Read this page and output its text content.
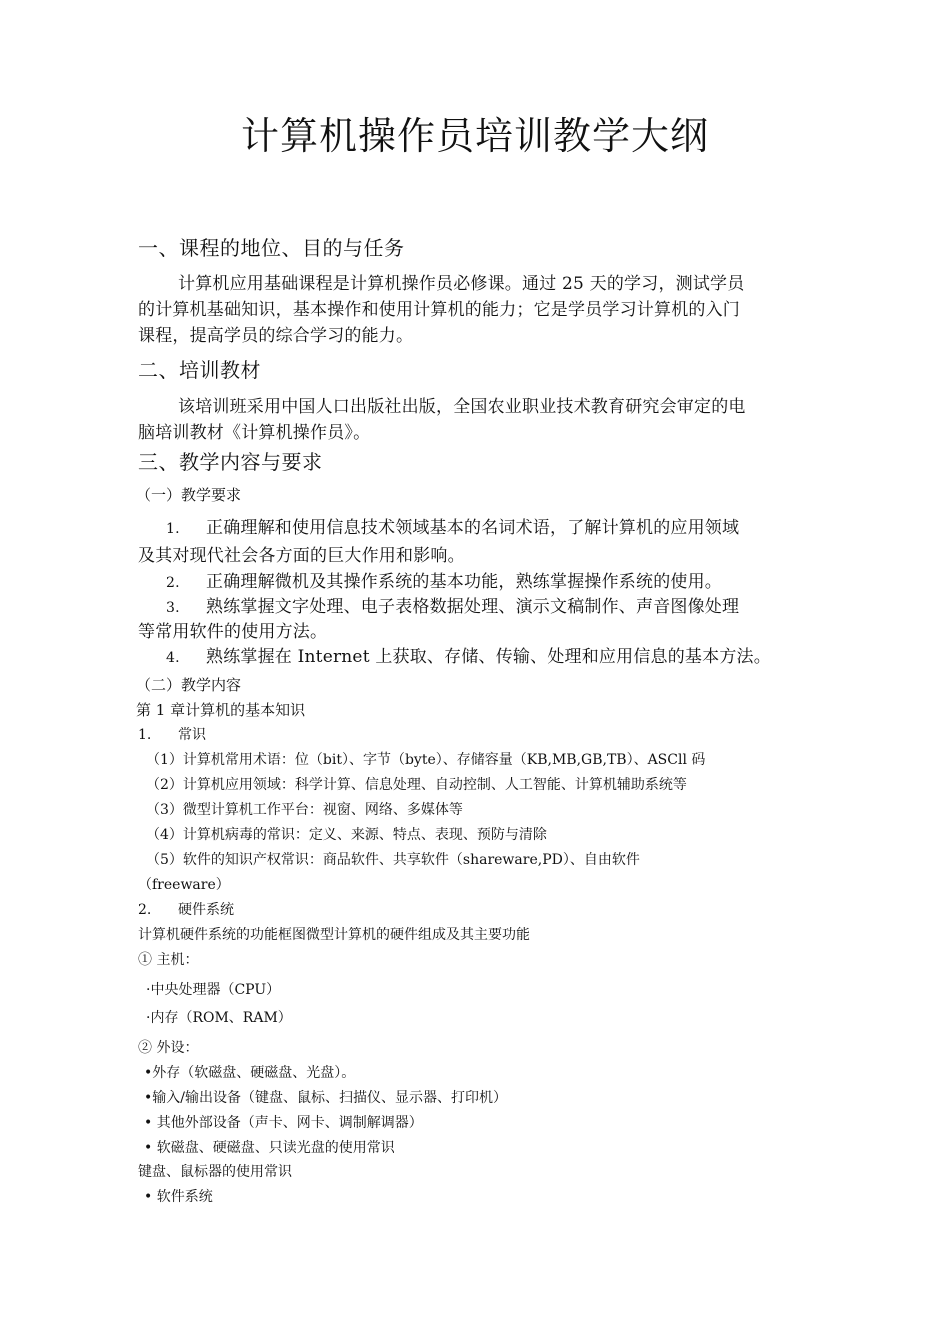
计算机操作员培训教学大纲
一、课程的地位、目的与任务
计算机应用基础课程是计算机操作员必修课。通过 25 天的学习，测试学员
的计算机基础知识，基本操作和使用计算机的能力；它是学员学习计算机的入门
课程，提高学员的综合学习的能力。
二、培训教材
该培训班采用中国人口出版社出版，全国农业职业技术教育研究会审定的电
脑培训教材《计算机操作员》。
三、教学内容与要求
（一）教学要求
1. 正确理解和使用信息技术领域基本的名词术语，了解计算机的应用领域
及其对现代社会各方面的巨大作用和影响。
2. 正确理解微机及其操作系统的基本功能，熟练掌握操作系统的使用。
3. 熟练掌握文字处理、电子表格数据处理、演示文稿制作、声音图像处理
等常用软件的使用方法。
4. 熟练掌握在 Internet 上获取、存储、传输、处理和应用信息的基本方法。
（二）教学内容
第 1 章计算机的基本知识
1. 常识
（1）计算机常用术语：位（bit）、字节（byte）、存储容量（KB,MB,GB,TB）、ASCll 码
（2）计算机应用领域：科学计算、信息处理、自动控制、人工智能、计算机辅助系统等
（3）微型计算机工作平台：视窗、网络、多媒体等
（4）计算机病毒的常识：定义、来源、特点、表现、预防与清除
（5）软件的知识产权常识：商品软件、共享软件（shareware,PD）、自由软件
（freeware）
2. 硬件系统
计算机硬件系统的功能框图微型计算机的硬件组成及其主要功能
① 主机：
·中央处理器（CPU）
·内存（ROM、RAM）
② 外设：
•外存（软磁盘、硬磁盘、光盘）。
•输入/输出设备（键盘、鼠标、扫描仪、显示器、打印机）
• 其他外部设备（声卡、网卡、调制解调器）
• 软磁盘、硬磁盘、只读光盘的使用常识
键盘、鼠标器的使用常识
• 软件系统
